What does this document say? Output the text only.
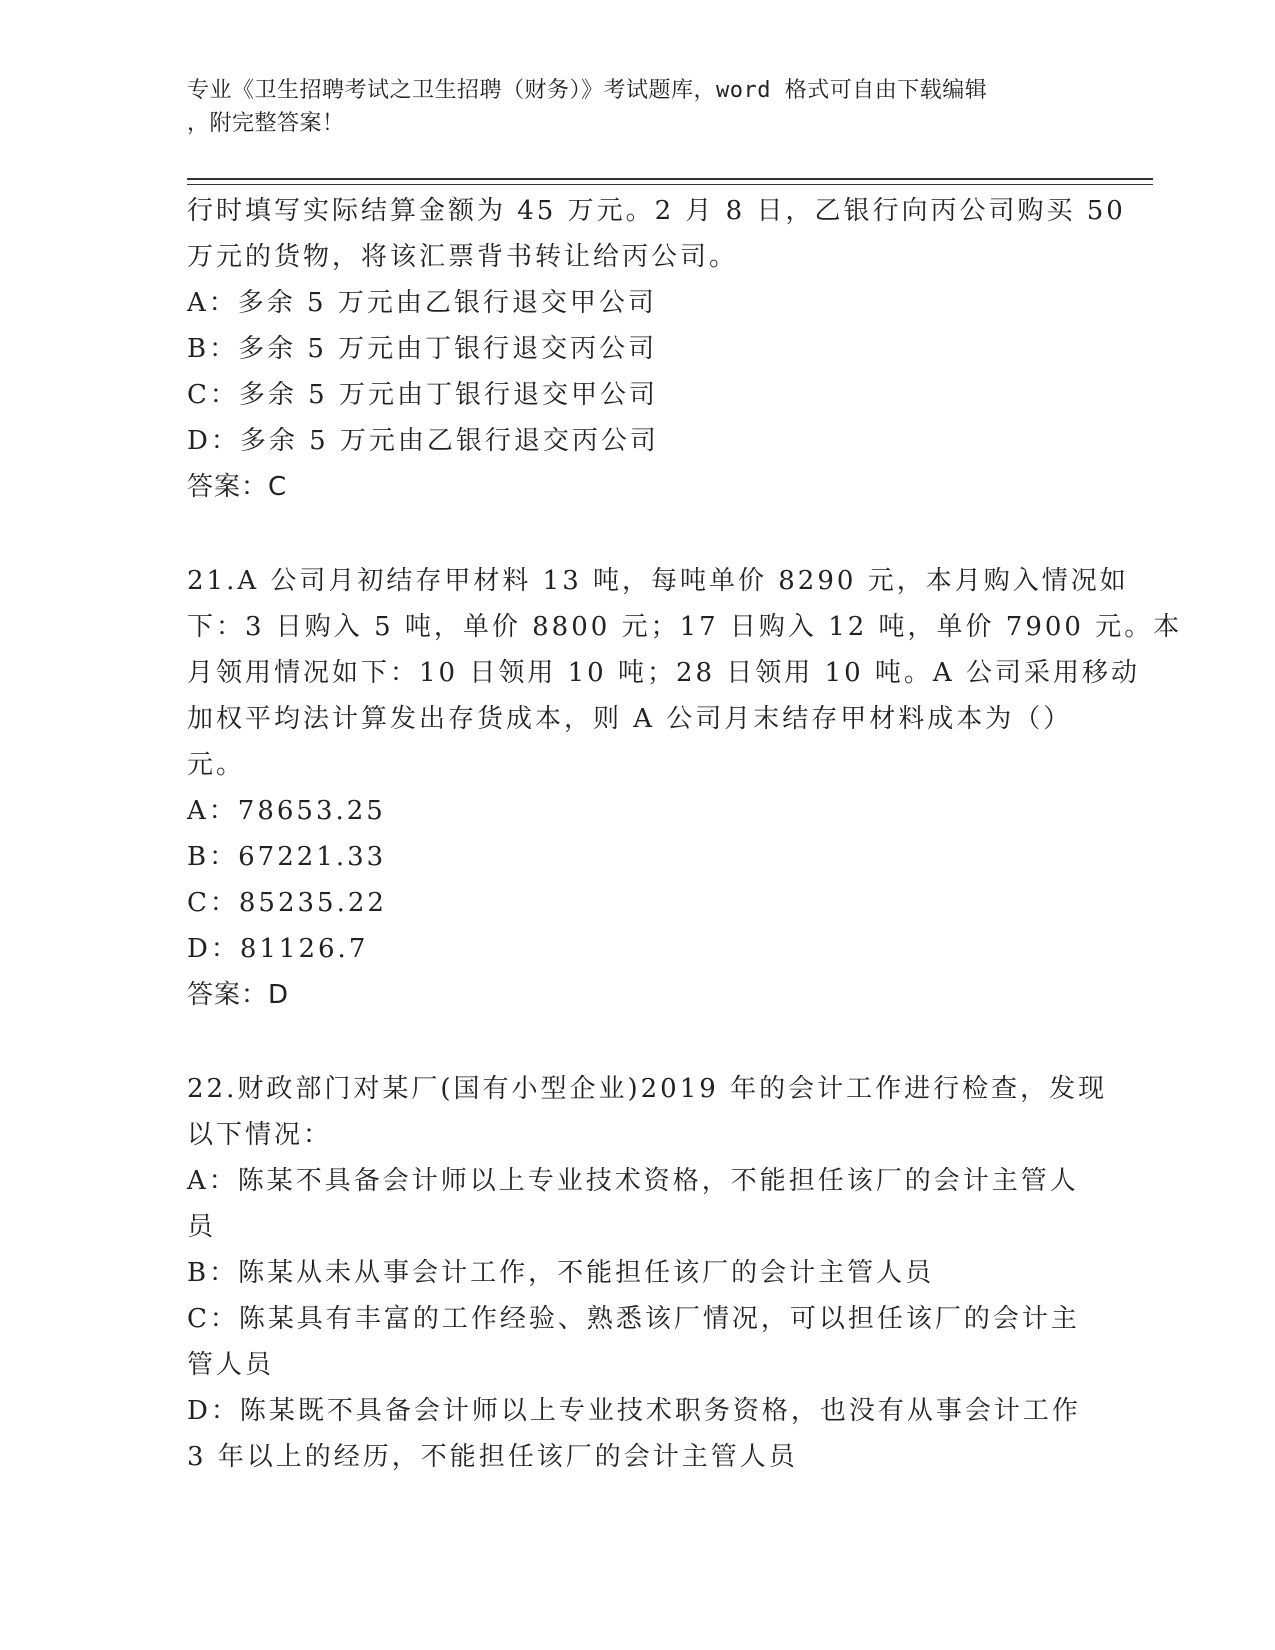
专业《卫生招聘考试之卫生招聘（财务）》考试题库，word 格式可自由下载编辑
，附完整答案！
行时填写实际结算金额为 45 万元。2 月 8 日，乙银行向丙公司购买 50
万元的货物，将该汇票背书转让给丙公司。
A：多余 5 万元由乙银行退交甲公司
B：多余 5 万元由丁银行退交丙公司
C：多余 5 万元由丁银行退交甲公司
D：多余 5 万元由乙银行退交丙公司
答案：C
21.A 公司月初结存甲材料 13 吨，每吨单价 8290 元，本月购入情况如
下：3 日购入 5 吨，单价 8800 元；17 日购入 12 吨，单价 7900 元。本
月领用情况如下：10 日领用 10 吨；28 日领用 10 吨。A 公司采用移动
加权平均法计算发出存货成本，则 A 公司月末结存甲材料成本为（）
元。
A：78653.25
B：67221.33
C：85235.22
D：81126.7
答案：D
22.财政部门对某厂(国有小型企业)2019 年的会计工作进行检查，发现
以下情况：
A：陈某不具备会计师以上专业技术资格，不能担任该厂的会计主管人
员
B：陈某从未从事会计工作，不能担任该厂的会计主管人员
C：陈某具有丰富的工作经验、熟悉该厂情况，可以担任该厂的会计主
管人员
D：陈某既不具备会计师以上专业技术职务资格，也没有从事会计工作
3 年以上的经历，不能担任该厂的会计主管人员
